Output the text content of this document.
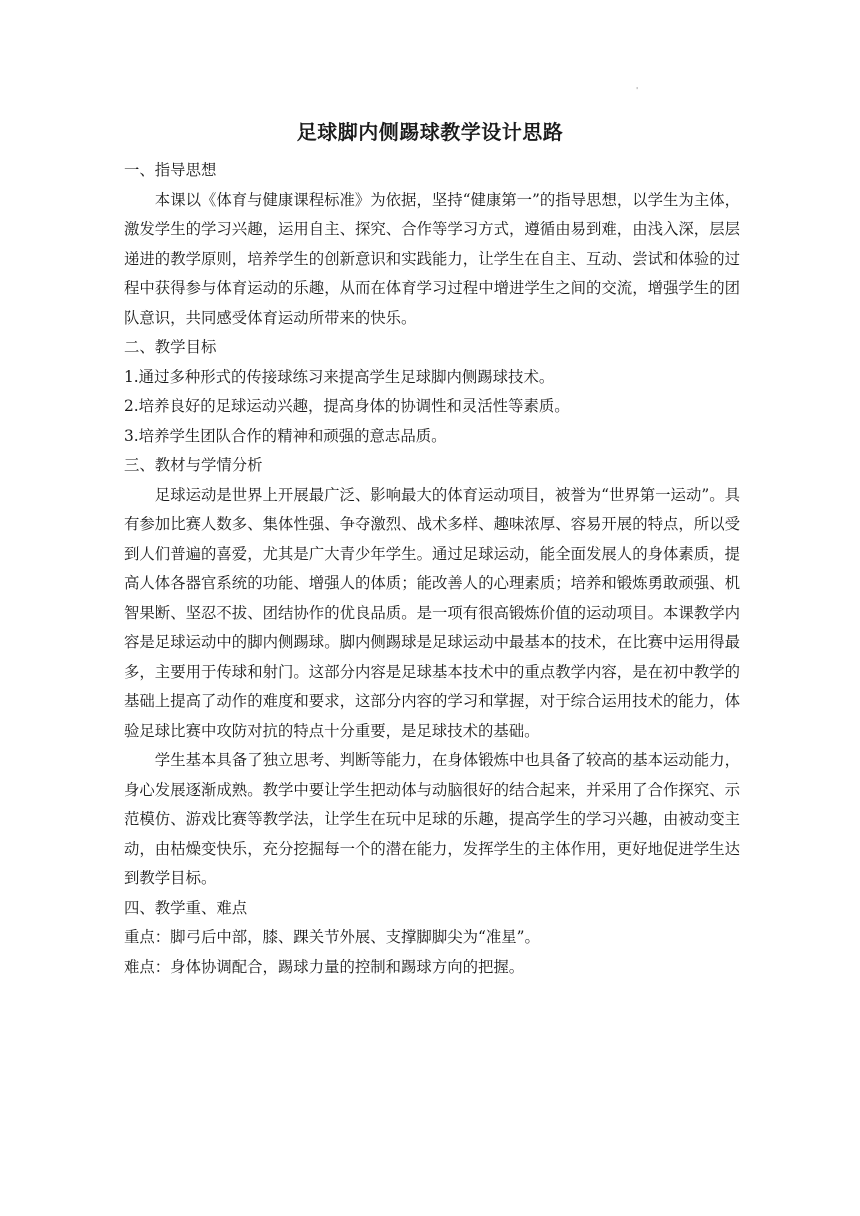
'
足球脚内侧踢球教学设计思路

一、指导思想

本课以《体育与健康课程标准》为依据，坚持“健康第一”的指导思想，以学生为主体，激发学生的学习兴趣，运用自主、探究、合作等学习方式，遵循由易到难，由浅入深，层层递进的教学原则，培养学生的创新意识和实践能力，让学生在自主、互动、尝试和体验的过程中获得参与体育运动的乐趣，从而在体育学习过程中增进学生之间的交流，增强学生的团队意识，共同感受体育运动所带来的快乐。

二、教学目标

1.通过多种形式的传接球练习来提高学生足球脚内侧踢球技术。

2.培养良好的足球运动兴趣，提高身体的协调性和灵活性等素质。

3.培养学生团队合作的精神和顽强的意志品质。

三、教材与学情分析

足球运动是世界上开展最广泛、影响最大的体育运动项目，被誉为“世界第一运动”。具有参加比赛人数多、集体性强、争夺激烈、战术多样、趣味浓厚、容易开展的特点，所以受到人们普遍的喜爱，尤其是广大青少年学生。通过足球运动，能全面发展人的身体素质，提高人体各器官系统的功能、增强人的体质；能改善人的心理素质；培养和锻炼勇敢顽强、机智果断、坚忍不拔、团结协作的优良品质。是一项有很高锻炼价值的运动项目。本课教学内容是足球运动中的脚内侧踢球。脚内侧踢球是足球运动中最基本的技术，在比赛中运用得最多，主要用于传球和射门。这部分内容是足球基本技术中的重点教学内容，是在初中教学的基础上提高了动作的难度和要求，这部分内容的学习和掌握，对于综合运用技术的能力，体验足球比赛中攻防对抗的特点十分重要，是足球技术的基础。

学生基本具备了独立思考、判断等能力，在身体锻炼中也具备了较高的基本运动能力，身心发展逐渐成熟。教学中要让学生把动体与动脑很好的结合起来，并采用了合作探究、示范模仿、游戏比赛等教学法，让学生在玩中足球的乐趣，提高学生的学习兴趣，由被动变主动，由枯燥变快乐，充分挖掘每一个的潜在能力，发挥学生的主体作用，更好地促进学生达到教学目标。

四、教学重、难点

重点：脚弓后中部，膝、踝关节外展、支撑脚脚尖为“准星”。

难点：身体协调配合，踢球力量的控制和踢球方向的把握。
